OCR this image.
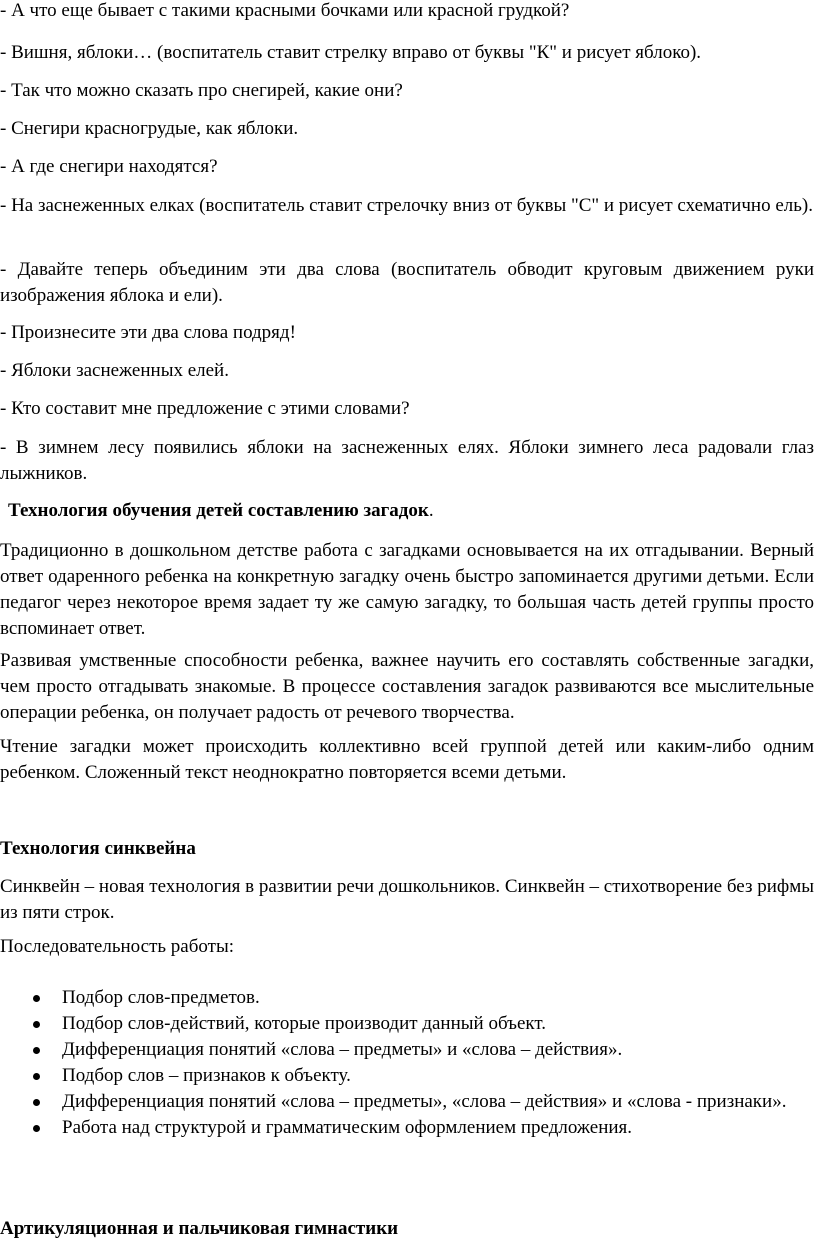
- А что еще бывает с такими красными бочками или красной грудкой?

- Вишня, яблоки… (воспитатель ставит стрелку вправо от буквы "К" и рисует яблоко).

- Так что можно сказать про снегирей, какие они?

- Снегири красногрудые, как яблоки.

- А где снегири находятся?

- На заснеженных елках (воспитатель ставит стрелочку вниз от буквы "С" и рисует схематично ель).

- Давайте теперь объединим эти два слова (воспитатель обводит круговым движением руки изображения яблока и ели).

- Произнесите эти два слова подряд!

- Яблоки заснеженных елей.

- Кто составит мне предложение с этими словами?

- В зимнем лесу появились яблоки на заснеженных елях. Яблоки зимнего леса радовали глаз лыжников.

Технология обучения детей составлению загадок.

Традиционно в дошкольном детстве работа с загадками основывается на их отгадывании. Верный ответ одаренного ребенка на конкретную загадку очень быстро запоминается другими детьми. Если педагог через некоторое время задает ту же самую загадку, то большая часть детей группы просто вспоминает ответ.

Развивая умственные способности ребенка, важнее научить его составлять собственные загадки, чем просто отгадывать знакомые. В процессе составления загадок развиваются все мыслительные операции ребенка, он получает радость от речевого творчества.

Чтение загадки может происходить коллективно всей группой детей или каким-либо одним ребенком. Сложенный текст неоднократно повторяется всеми детьми.

Технология синквейна

Синквейн – новая технология в развитии речи дошкольников. Синквейн – стихотворение без рифмы из пяти строк.

Последовательность работы:

Подбор слов-предметов.
Подбор слов-действий, которые производит данный объект.
Дифференциация понятий «слова – предметы» и «слова – действия».
Подбор слов – признаков к объекту.
Дифференциация понятий «слова – предметы», «слова – действия» и «слова - признаки».
Работа над структурой и грамматическим оформлением предложения.

Артикуляционная и пальчиковая гимнастики
